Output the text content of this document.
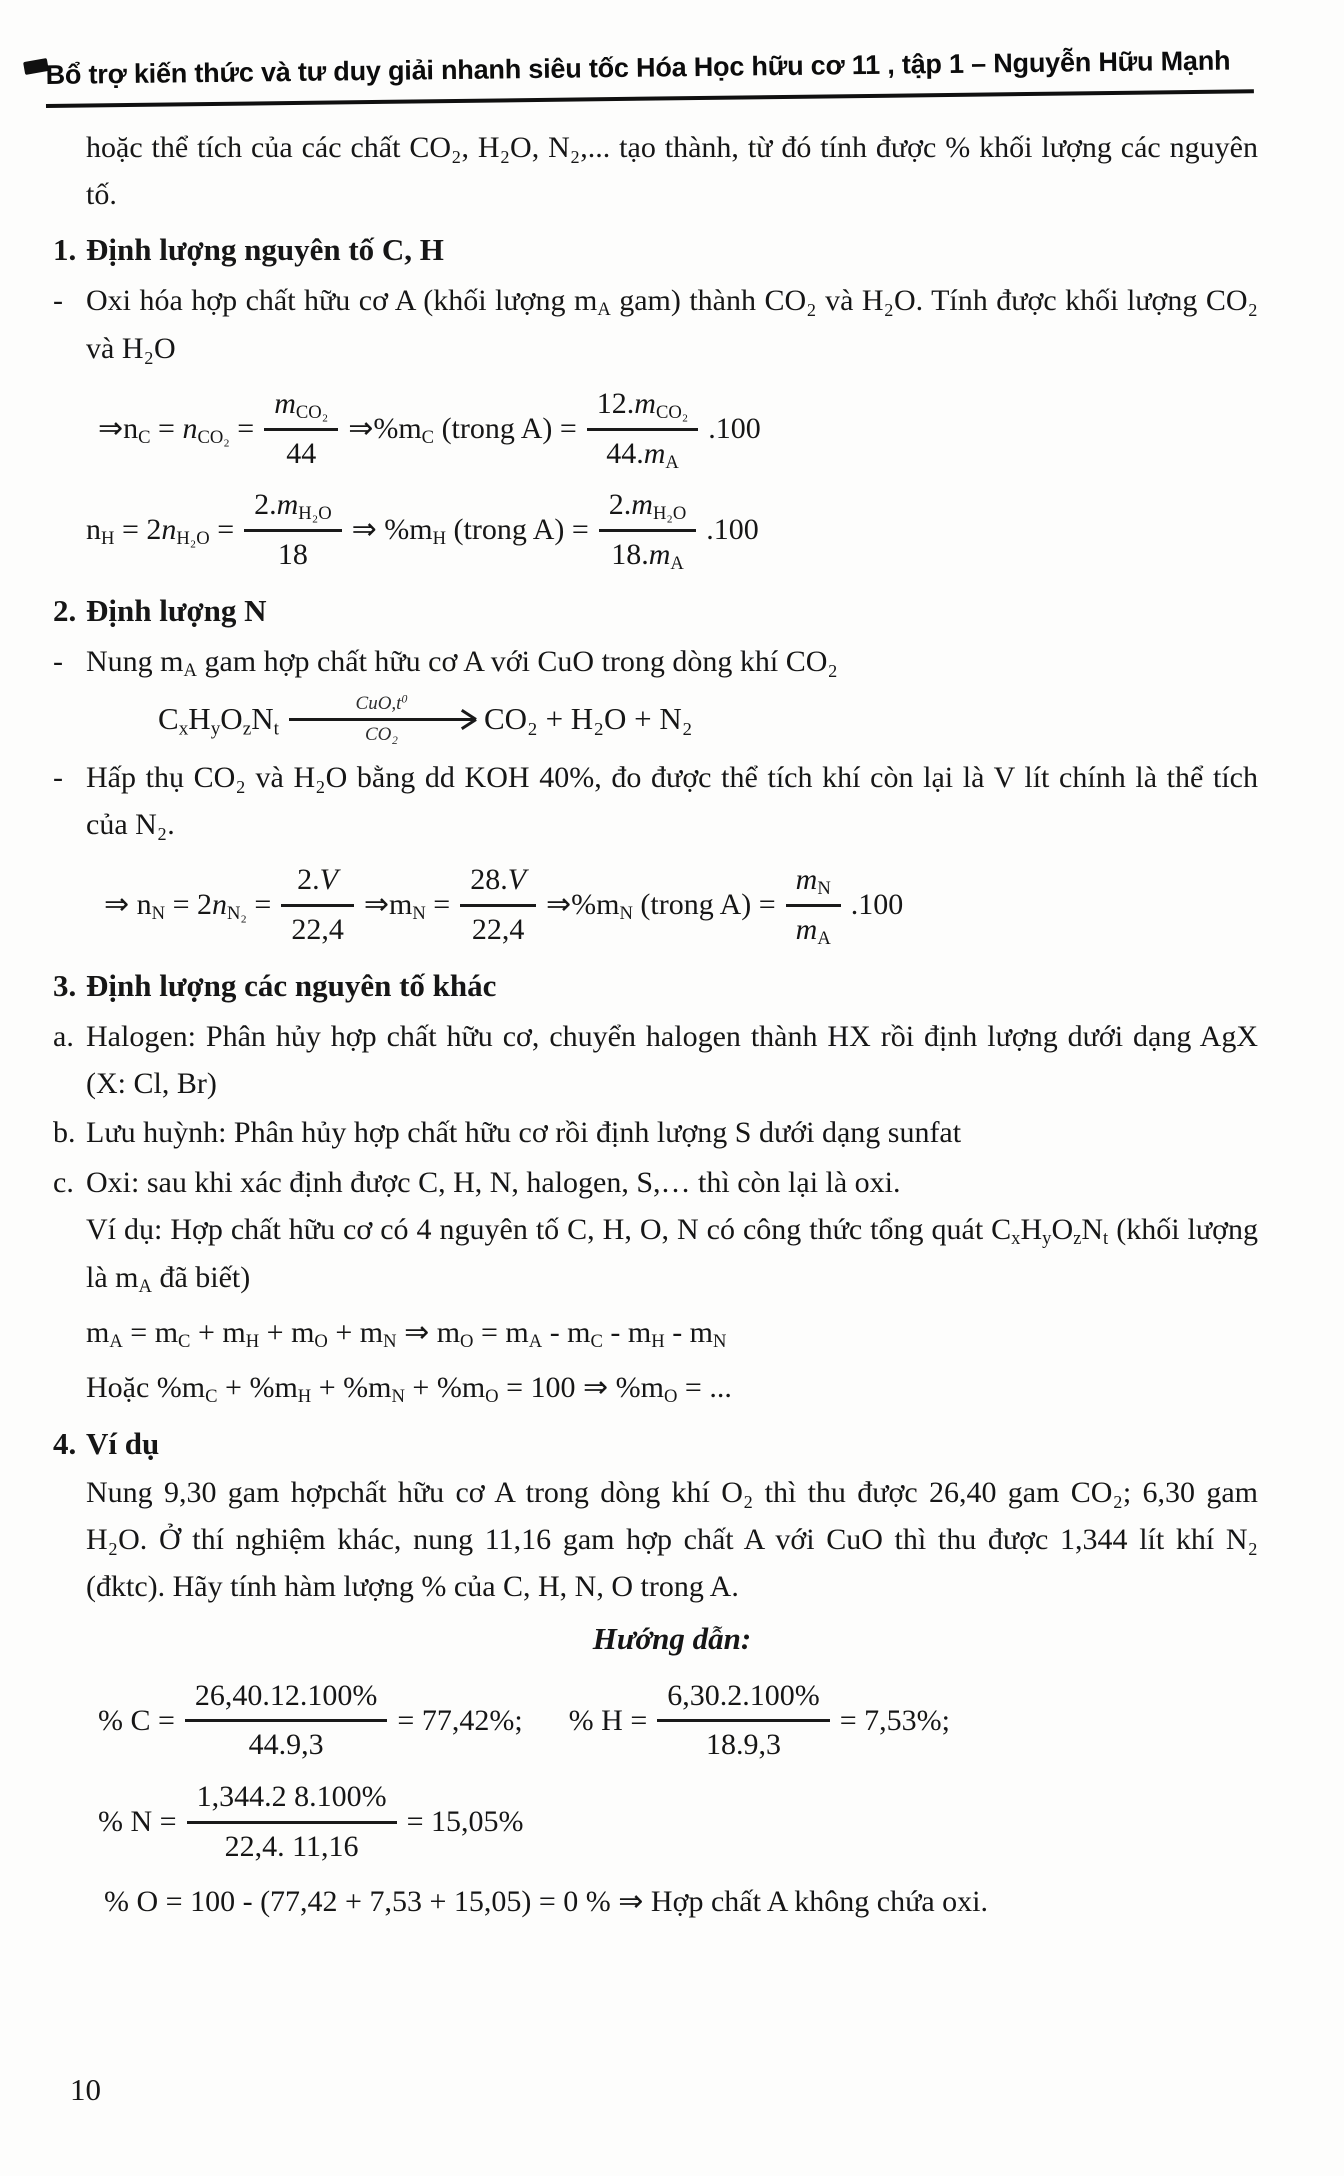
Bổ trợ kiến thức và tư duy giải nhanh siêu tốc Hóa Học hữu cơ 11 , tập 1 – Nguyễn Hữu Mạnh

hoặc thể tích của các chất CO₂, H₂O, N₂,... tạo thành, từ đó tính được % khối lượng các nguyên tố.

1. Định lượng nguyên tố C, H
- Oxi hóa hợp chất hữu cơ A (khối lượng $m_A$ gam) thành CO₂ và H₂O. Tính được khối lượng CO₂ và H₂O
$\Rightarrow n_C = n_{CO_2} = \frac{m_{CO_2}}{44}$ $\Rightarrow\%m_C$ (trong $A) = \frac{12.m_{CO_2}}{44.m_A} .100$
$n_H = 2n_{H_2O} = \frac{2.m_{H_2O}}{18}$ ⇒ $\%m_H$ (trong $A) = \frac{2.m_{H_2O}}{18.m_A} .100$
2. Định lượng N
- Nung $m_A$ gam hợp chất hữu cơ A với CuO trong dòng khí CO₂
$C_xH_yO_zN_t$
$CuO,t^0$
CO₂	CO₂ + H₂O + N₂
- Hấp thụ CO₂ và H₂O bằng dd KOH 40%, đo được thể tích khí còn lại là V lít chính là thể tích của N₂.
⇒ $n_N = 2n_{N_2} = \frac{2.V}{22,4}$ $\Rightarrow m_N = \frac{28.V}{22,4}$ $\Rightarrow\%m_N$ (trong $A) = \frac{m_N}{m_A} .100$
3. Định lượng các nguyên tố khác
a. Halogen: Phân hủy hợp chất hữu cơ, chuyển halogen thành HX rồi định lượng dưới dạng AgX (X: Cl, Br)
b. Lưu huỳnh: Phân hủy hợp chất hữu cơ rồi định lượng S dưới dạng sunfat
c. Oxi: sau khi xác định được C, H, N, halogen, S,… thì còn lại là oxi.

Ví dụ: Hợp chất hữu cơ có 4 nguyên tố C, H, O, N có công thức tổng quát $C_xH_yO_zN_t$ (khối lượng là $m_A$ đã biết)

$m_A = m_C + m_H + m_O + m_N$ ⇒ $m_O = m_A - m_C - m_H - m_N$
Hoặc $\%m_C + \%m_H + \%m_N + \%m_O = 100$ ⇒ $\%m_O$ = ...
4. Ví dụ

Nung 9,30 gam hợpchất hữu cơ A trong dòng khí O₂ thì thu được 26,40 gam CO₂; 6,30 gam H₂O. Ở thí nghiệm khác, nung 11,16 gam hợp chất A với CuO thì thu được 1,344 lít khí N₂ (đktc). Hãy tính hàm lượng % của C, H, N, O trong A.

Hướng dẫn:
% $C = \frac{26,40.12.100\%}{44.9,3} = 77,42\%$; % $H = \frac{6,30.2.100\%}{18.9,3} = 7,53\%$;
% $N = \frac{1,344.2 8.100\%}{22,4. 11,16} = 15,05\%$
% O = 100 - (77,42 + 7,53 + 15,05) = 0 % ⇒ Hợp chất A không chứa oxi.
10
